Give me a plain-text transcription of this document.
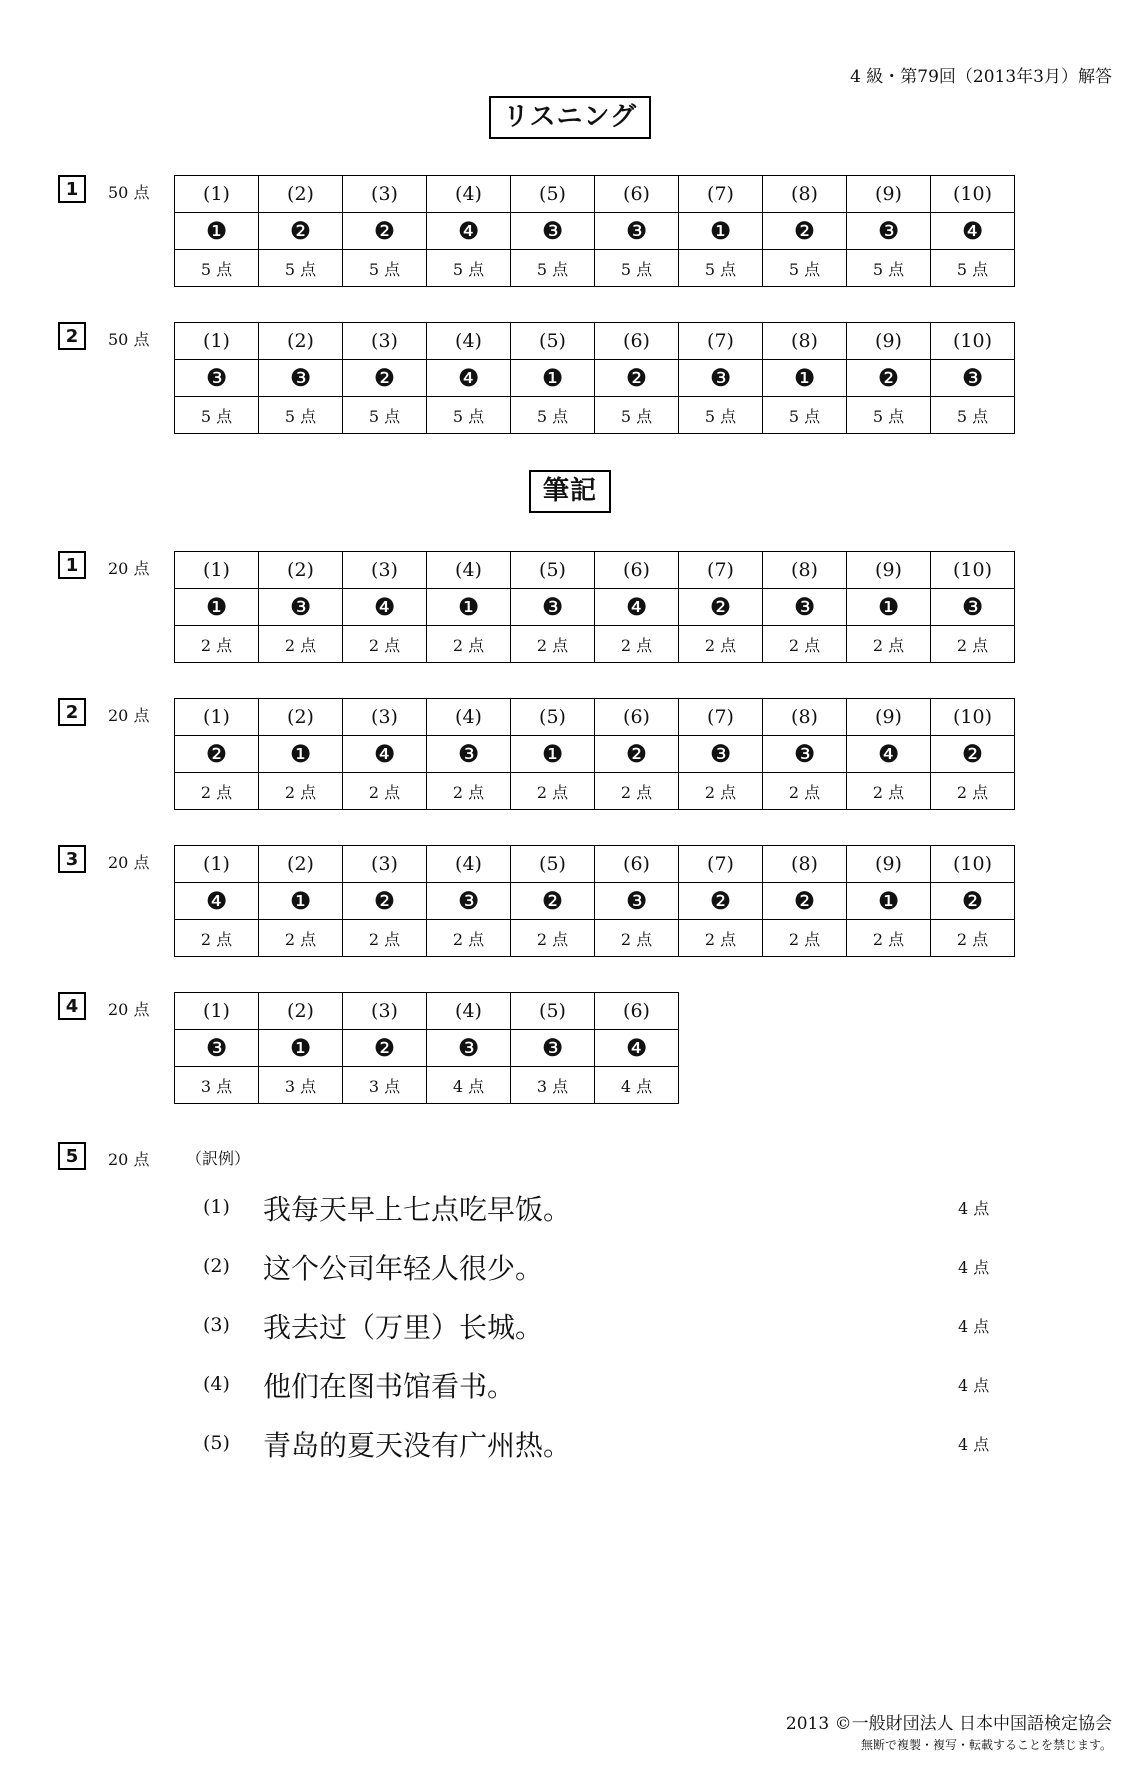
4 級・第79回（2013年3月）解答
リスニング
1	50 点	(1)	(2)	(3)	(4)	(5)	(6)	(7)	(8)	(9)	(10)
❶	❷	❷	❹	❸	❸	❶	❷	❸	❹
5 点	5 点	5 点	5 点	5 点	5 点	5 点	5 点	5 点	5 点
2	50 点	(1)	(2)	(3)	(4)	(5)	(6)	(7)	(8)	(9)	(10)
❸	❸	❷	❹	❶	❷	❸	❶	❷	❸
5 点	5 点	5 点	5 点	5 点	5 点	5 点	5 点	5 点	5 点
筆記
1	20 点	(1)	(2)	(3)	(4)	(5)	(6)	(7)	(8)	(9)	(10)
❶	❸	❹	❶	❸	❹	❷	❸	❶	❸
2 点	2 点	2 点	2 点	2 点	2 点	2 点	2 点	2 点	2 点
2	20 点	(1)	(2)	(3)	(4)	(5)	(6)	(7)	(8)	(9)	(10)
❷	❶	❹	❸	❶	❷	❸	❸	❹	❷
2 点	2 点	2 点	2 点	2 点	2 点	2 点	2 点	2 点	2 点
3	20 点	(1)	(2)	(3)	(4)	(5)	(6)	(7)	(8)	(9)	(10)
❹	❶	❷	❸	❷	❸	❷	❷	❶	❷
2 点	2 点	2 点	2 点	2 点	2 点	2 点	2 点	2 点	2 点
4	20 点	(1)	(2)	(3)	(4)	(5)	(6)
❸	❶	❷	❸	❸	❹
3 点	3 点	3 点	4 点	3 点	4 点
5	20 点 （訳例）
(1) 我每天早上七点吃早饭。	4 点
(2) 这个公司年轻人很少。	4 点
(3) 我去过（万里）长城。	4 点
(4) 他们在图书馆看书。	4 点
(5) 青岛的夏天没有广州热。	4 点
2013 ©一般財団法人 日本中国語検定協会
無断で複製・複写・転載することを禁じます。
